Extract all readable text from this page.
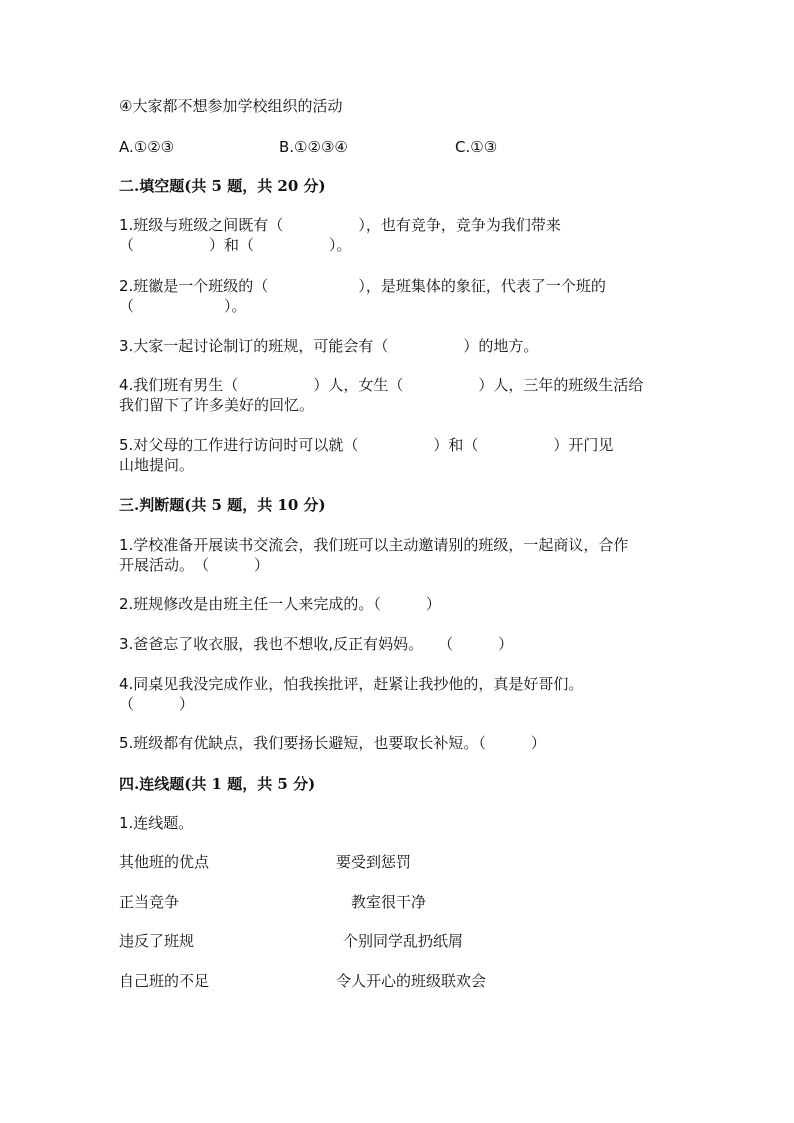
④大家都不想参加学校组织的活动
A.①②③	B.①②③④	C.①③
二.填空题(共 5 题，共 20 分)
1.班级与班级之间既有（　　　　　），也有竞争，竞争为我们带来
（　　　　　）和（　　　　　）。
2.班徽是一个班级的（　　　　　　），是班集体的象征，代表了一个班的
（　　　　　　）。
3.大家一起讨论制订的班规，可能会有（　　　　　）的地方。
4.我们班有男生（　　　　　）人，女生（　　　　　）人，三年的班级生活给
我们留下了许多美好的回忆。
5.对父母的工作进行访问时可以就（　　　　　）和（　　　　　）开门见
山地提问。
三.判断题(共 5 题，共 10 分)
1.学校准备开展读书交流会，我们班可以主动邀请别的班级，一起商议，合作
开展活动。　（　　　）
2.班规修改是由班主任一人来完成的。（　　　）
3.爸爸忘了收衣服，我也不想收,反正有妈妈。　　（　　　）
4.同桌见我没完成作业，怕我挨批评，赶紧让我抄他的，真是好哥们。
（　　　）
5.班级都有优缺点，我们要扬长避短，也要取长补短。（　　　）
四.连线题(共 1 题，共 5 分)
1.连线题。
其他班的优点	要受到惩罚
正当竞争	教室很干净
违反了班规	个别同学乱扔纸屑
自己班的不足	令人开心的班级联欢会
